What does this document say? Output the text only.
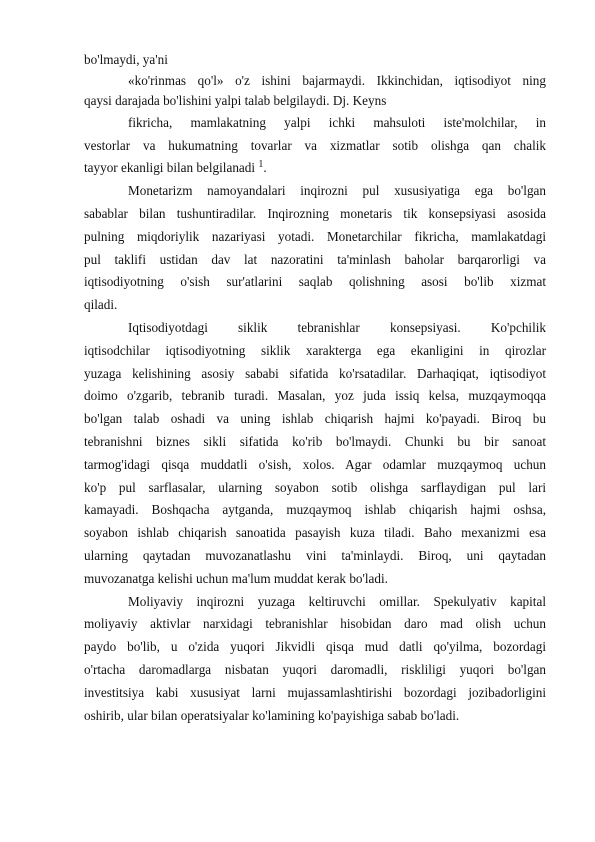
bo'lmaydi, ya'ni
«ko'rinmas qo'l» o'z ishini bajarmaydi. Ikkinchidan, iqtisodiyot ning
qaysi darajada bo'lishini yalpi talab belgilaydi. Dj. Keyns
fikricha, mamlakatning yalpi ichki mahsuloti iste'molchilar, in
vestorlar va hukumatning tovarlar va xizmatlar sotib olishga qan chalik
tayyor ekanligi bilan belgilanadi $^1$.
Monetarizm namoyandalari inqirozni pul xususiyatiga ega bo'lgan
sabablar bilan tushuntiradilar. Inqirozning monetaris tik konsepsiyasi asosida
pulning miqdoriylik nazariyasi yotadi. Monetarchilar fikricha, mamlakatdagi
pul taklifi ustidan dav lat nazoratini ta'minlash baholar barqarorligi va
iqtisodiyotning o'sish sur'atlarini saqlab qolishning asosi bo'lib xizmat
qiladi.
Iqtisodiyotdagi siklik tebranishlar konsepsiyasi. Ko'pchilik
iqtisodchilar iqtisodiyotning siklik xarakterga ega ekanligini in qirozlar
yuzaga kelishining asosiy sababi sifatida ko'rsatadilar. Darhaqiqat, iqtisodiyot
doimo o'zgarib, tebranib turadi. Masalan, yoz juda issiq kelsa, muzqaymoqqa
bo'lgan talab oshadi va uning ishlab chiqarish hajmi ko'payadi. Biroq bu
tebranishni biznes sikli sifatida ko'rib bo'lmaydi. Chunki bu bir sanoat
tarmog'idagi qisqa muddatli o'sish, xolos. Agar odamlar muzqaymoq uchun
ko'p pul sarflasalar, ularning soyabon sotib olishga sarflaydigan pul lari
kamayadi. Boshqacha aytganda, muzqaymoq ishlab chiqarish hajmi oshsa,
soyabon ishlab chiqarish sanoatida pasayish kuza tiladi. Baho mexanizmi esa
ularning qaytadan muvozanatlashu vini ta'minlaydi. Biroq, uni qaytadan
muvozanatga kelishi uchun ma'lum muddat kerak bo'ladi.
Moliyaviy inqirozni yuzaga keltiruvchi omillar. Spekulyativ kapital
moliyaviy aktivlar narxidagi tebranishlar hisobidan daro mad olish uchun
paydo bo'lib, u o'zida yuqori Jikvidli qisqa mud datli qo'yilma, bozordagi
o'rtacha daromadlarga nisbatan yuqori daromadli, riskliligi yuqori bo'lgan
investitsiya kabi xususiyat larni mujassamlashtirishi bozordagi jozibadorligini
oshirib, ular bilan operatsiyalar ko'lamining ko'payishiga sabab bo'ladi.
